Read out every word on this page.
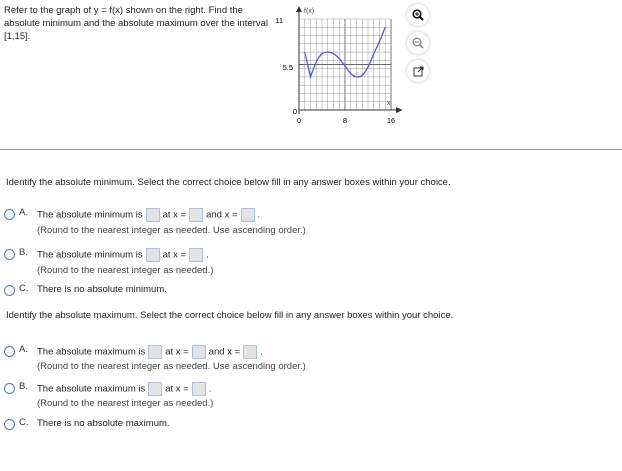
Refer to the graph of y = f(x) shown on the right. Find the absolute minimum and the absolute maximum over the interval [1,15].
f(x)
x
11
5.5
0
0	8	16
Identify the absolute minimum. Select the correct choice below fill in any answer boxes within your choice.
A. The absolute minimum is at x = and x = .
(Round to the nearest integer as needed. Use ascending order.)
B. The absolute minimum is at x = .
(Round to the nearest integer as needed.)
C. There is no absolute minimum.
Identify the absolute maximum. Select the correct choice below fill in any answer boxes within your choice.
A. The absolute maximum is at x = and x = .
(Round to the nearest integer as needed. Use ascending order.)
B. The absolute maximum is at x = .
(Round to the nearest integer as needed.)
C. There is no absolute maximum.
